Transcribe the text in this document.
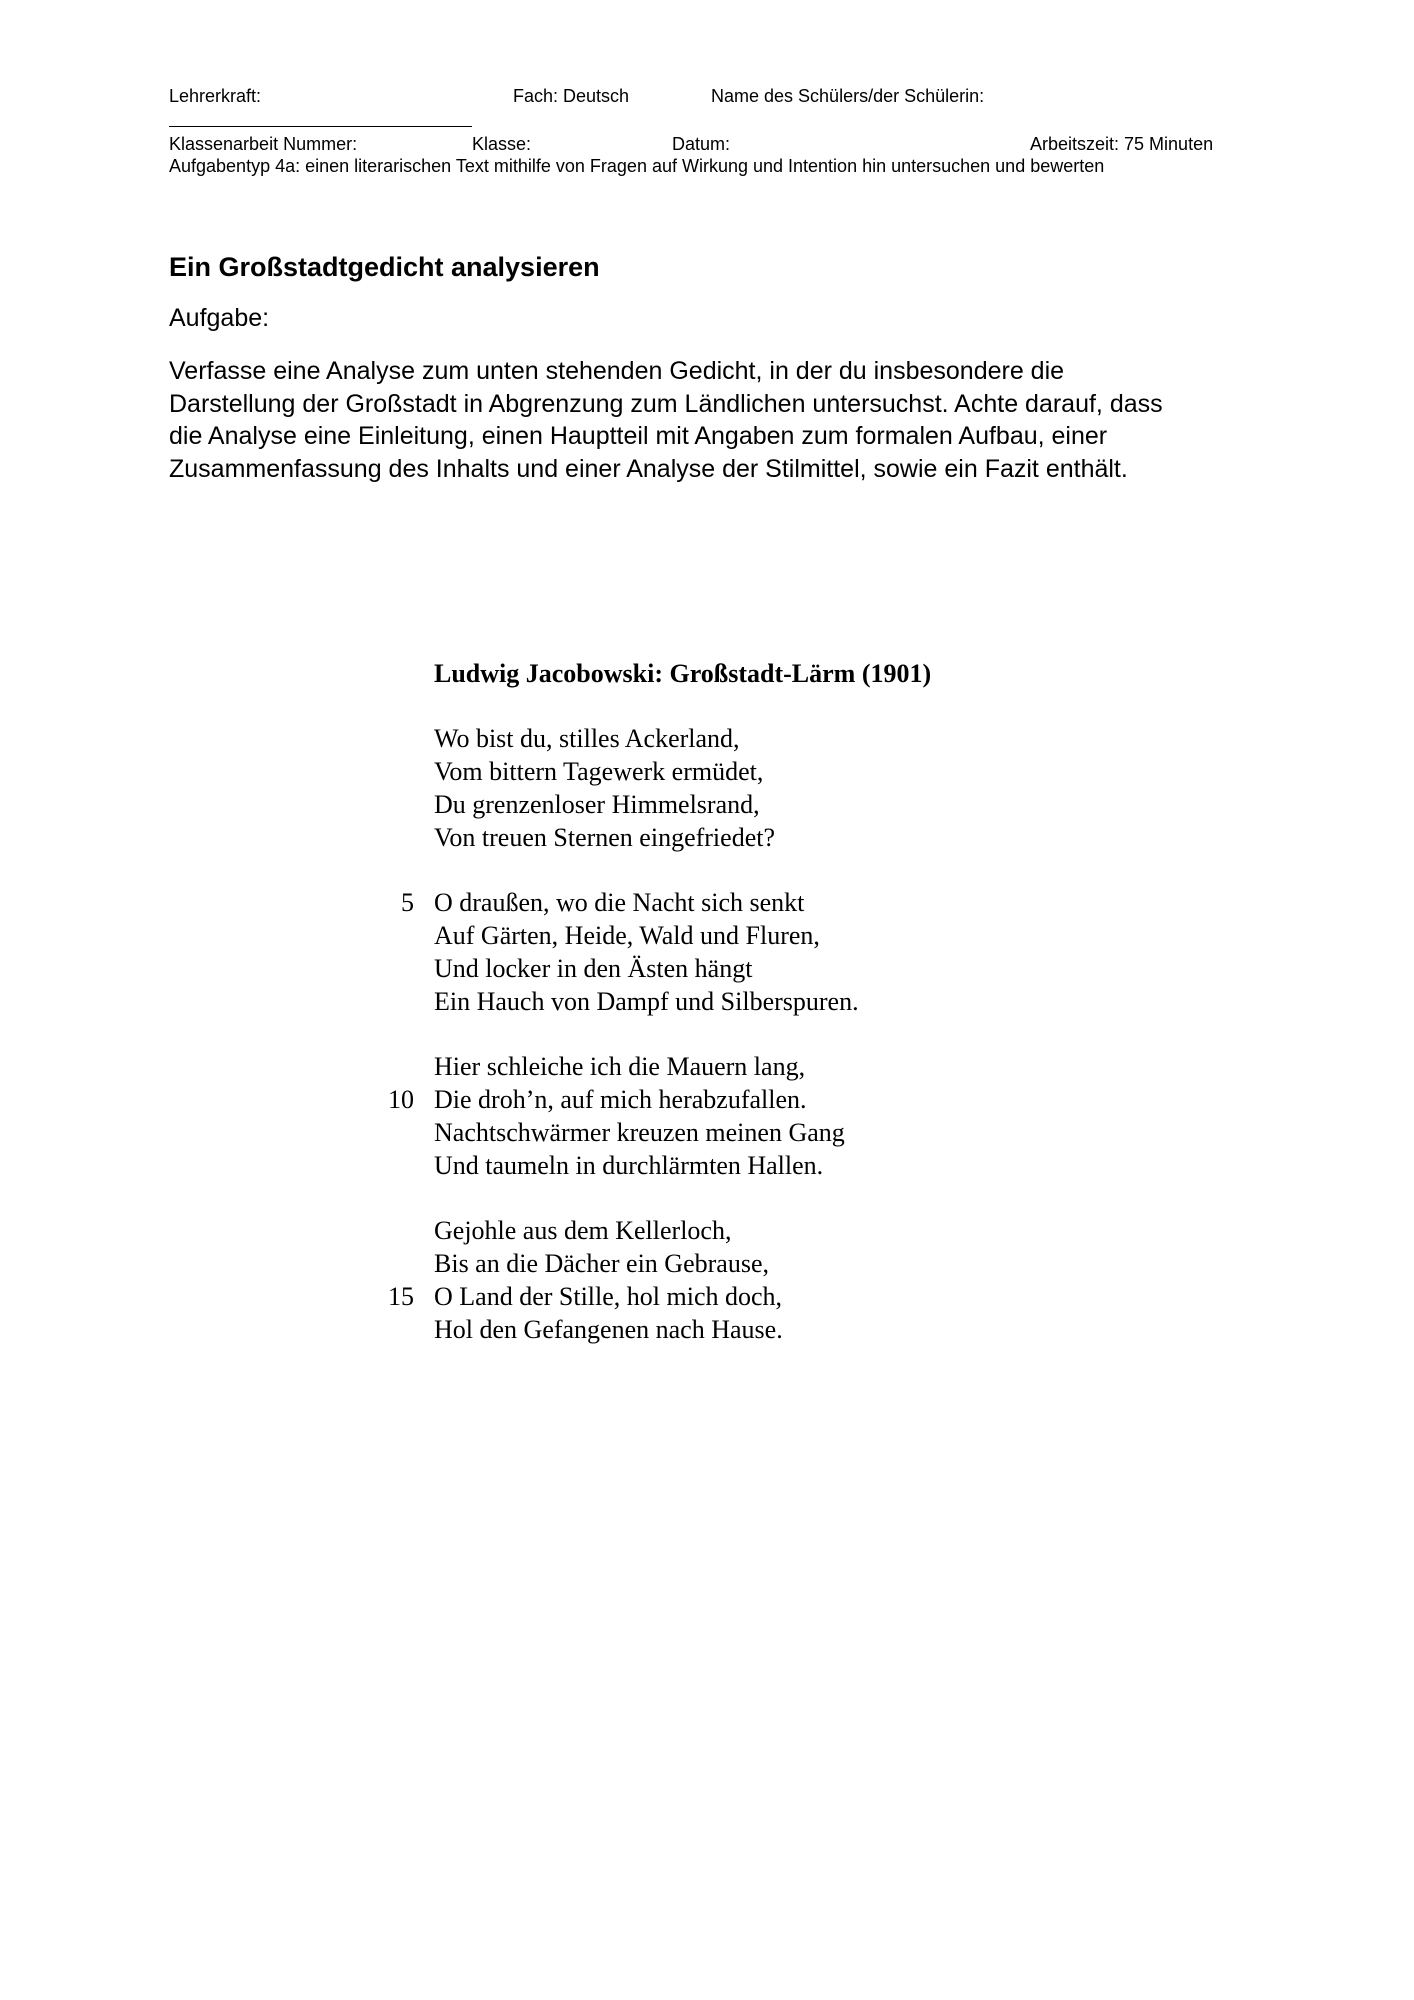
Lehrerkraft:	Fach: Deutsch	Name des Schülers/der Schülerin:
Klassenarbeit Nummer:	Klasse:	Datum:	Arbeitszeit: 75 Minuten
Aufgabentyp 4a: einen literarischen Text mithilfe von Fragen auf Wirkung und Intention hin untersuchen und bewerten
Ein Großstadtgedicht analysieren
Aufgabe:
Verfasse eine Analyse zum unten stehenden Gedicht, in der du insbesondere die
Darstellung der Großstadt in Abgrenzung zum Ländlichen untersuchst. Achte darauf, dass
die Analyse eine Einleitung, einen Hauptteil mit Angaben zum formalen Aufbau, einer
Zusammenfassung des Inhalts und einer Analyse der Stilmittel, sowie ein Fazit enthält.
Ludwig Jacobowski: Großstadt-Lärm (1901)
Wo bist du, stilles Ackerland,
Vom bittern Tagewerk ermüdet,
Du grenzenloser Himmelsrand,
Von treuen Sternen eingefriedet?
5 O draußen, wo die Nacht sich senkt
Auf Gärten, Heide, Wald und Fluren,
Und locker in den Ästen hängt
Ein Hauch von Dampf und Silberspuren.
Hier schleiche ich die Mauern lang,
10 Die droh’n, auf mich herabzufallen.
Nachtschwärmer kreuzen meinen Gang
Und taumeln in durchlärmten Hallen.
Gejohle aus dem Kellerloch,
Bis an die Dächer ein Gebrause,
15 O Land der Stille, hol mich doch,
Hol den Gefangenen nach Hause.
